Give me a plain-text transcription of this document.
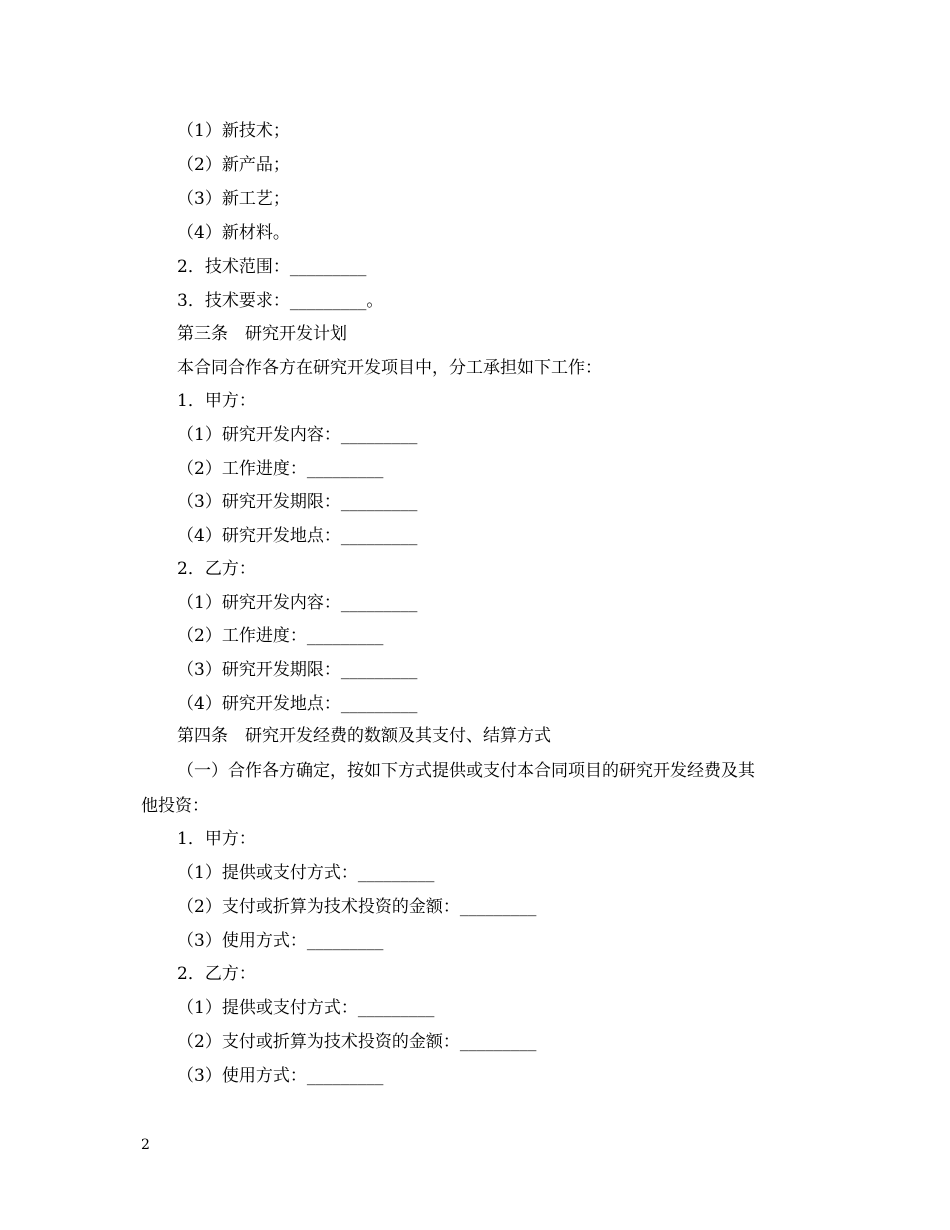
（1）新技术；
（2）新产品；
（3）新工艺；
（4）新材料。
2．技术范围：_________
3．技术要求：_________。
第三条　研究开发计划
本合同合作各方在研究开发项目中，分工承担如下工作：
1．甲方：
（1）研究开发内容：_________
（2）工作进度：_________
（3）研究开发期限：_________
（4）研究开发地点：_________
2．乙方：
（1）研究开发内容：_________
（2）工作进度：_________
（3）研究开发期限：_________
（4）研究开发地点：_________
第四条　研究开发经费的数额及其支付、结算方式
（一）合作各方确定，按如下方式提供或支付本合同项目的研究开发经费及其
他投资：
1．甲方：
（1）提供或支付方式：_________
（2）支付或折算为技术投资的金额：_________
（3）使用方式：_________
2．乙方：
（1）提供或支付方式：_________
（2）支付或折算为技术投资的金额：_________
（3）使用方式：_________
2
